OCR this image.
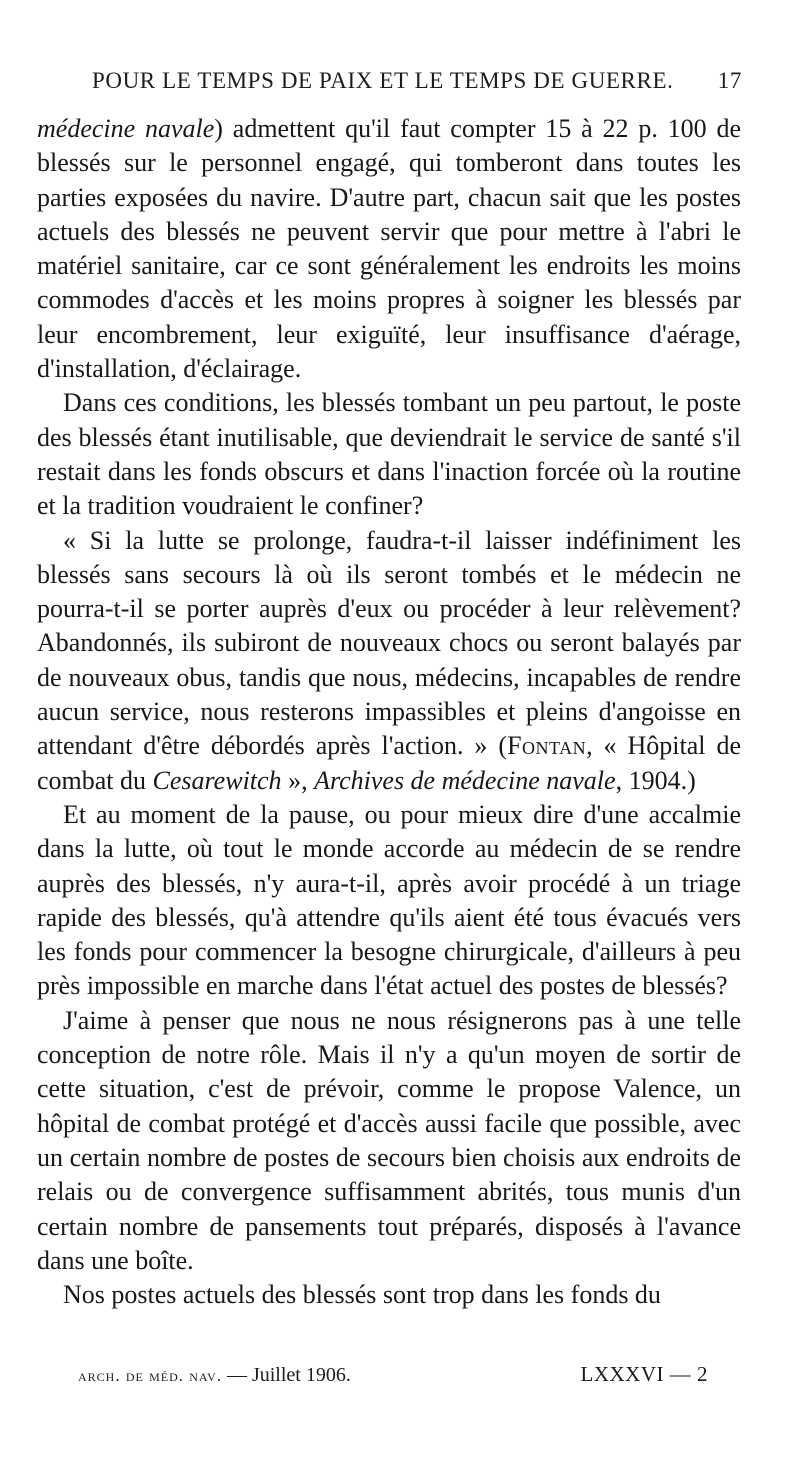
POUR LE TEMPS DE PAIX ET LE TEMPS DE GUERRE. 17

médecine navale) admettent qu'il faut compter 15 à 22 p. 100 de blessés sur le personnel engagé, qui tomberont dans toutes les parties exposées du navire. D'autre part, chacun sait que les postes actuels des blessés ne peuvent servir que pour mettre à l'abri le matériel sanitaire, car ce sont généralement les endroits les moins commodes d'accès et les moins propres à soigner les blessés par leur encombrement, leur exiguïté, leur insuffisance d'aérage, d'installation, d'éclairage.

Dans ces conditions, les blessés tombant un peu partout, le poste des blessés étant inutilisable, que deviendrait le service de santé s'il restait dans les fonds obscurs et dans l'inaction forcée où la routine et la tradition voudraient le confiner?

« Si la lutte se prolonge, faudra-t-il laisser indéfiniment les blessés sans secours là où ils seront tombés et le médecin ne pourra-t-il se porter auprès d'eux ou procéder à leur relèvement? Abandonnés, ils subiront de nouveaux chocs ou seront balayés par de nouveaux obus, tandis que nous, médecins, incapables de rendre aucun service, nous resterons impassibles et pleins d'angoisse en attendant d'être débordés après l'action. » (Fontan, « Hôpital de combat du Cesarewitch », Archives de médecine navale, 1904.)

Et au moment de la pause, ou pour mieux dire d'une accalmie dans la lutte, où tout le monde accorde au médecin de se rendre auprès des blessés, n'y aura-t-il, après avoir procédé à un triage rapide des blessés, qu'à attendre qu'ils aient été tous évacués vers les fonds pour commencer la besogne chirurgicale, d'ailleurs à peu près impossible en marche dans l'état actuel des postes de blessés?

J'aime à penser que nous ne nous résignerons pas à une telle conception de notre rôle. Mais il n'y a qu'un moyen de sortir de cette situation, c'est de prévoir, comme le propose Valence, un hôpital de combat protégé et d'accès aussi facile que possible, avec un certain nombre de postes de secours bien choisis aux endroits de relais ou de convergence suffisamment abrités, tous munis d'un certain nombre de pansements tout préparés, disposés à l'avance dans une boîte.

Nos postes actuels des blessés sont trop dans les fonds du

arch. de méd. nav. — Juillet 1906.	LXXXVI — 2
